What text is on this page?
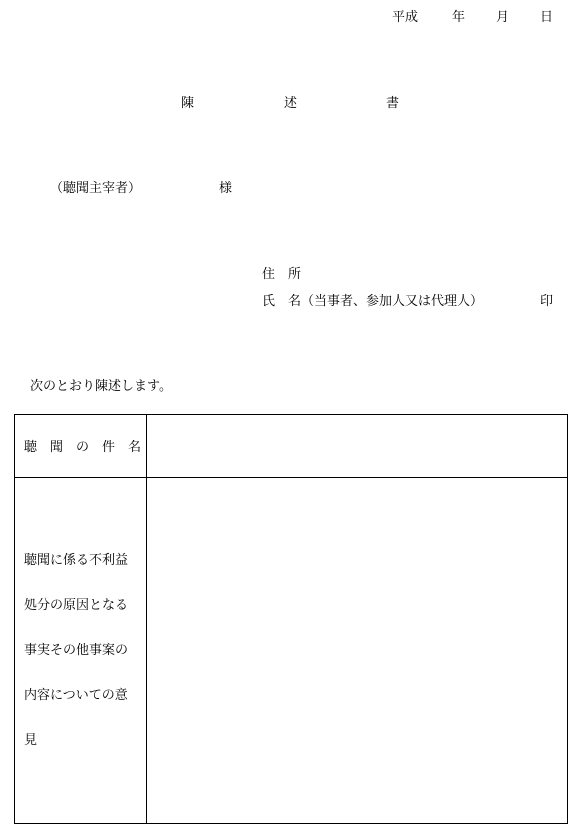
平成	年 月 日
陳	述	書
（聴聞主宰者）	様
住　所
氏　名（当事者、参加人又は代理人）	印
次のとおり陳述します。
聴　聞　の　件　名
聴聞に係る不利益
処分の原因となる
事実その他事案の
内容についての意
見
